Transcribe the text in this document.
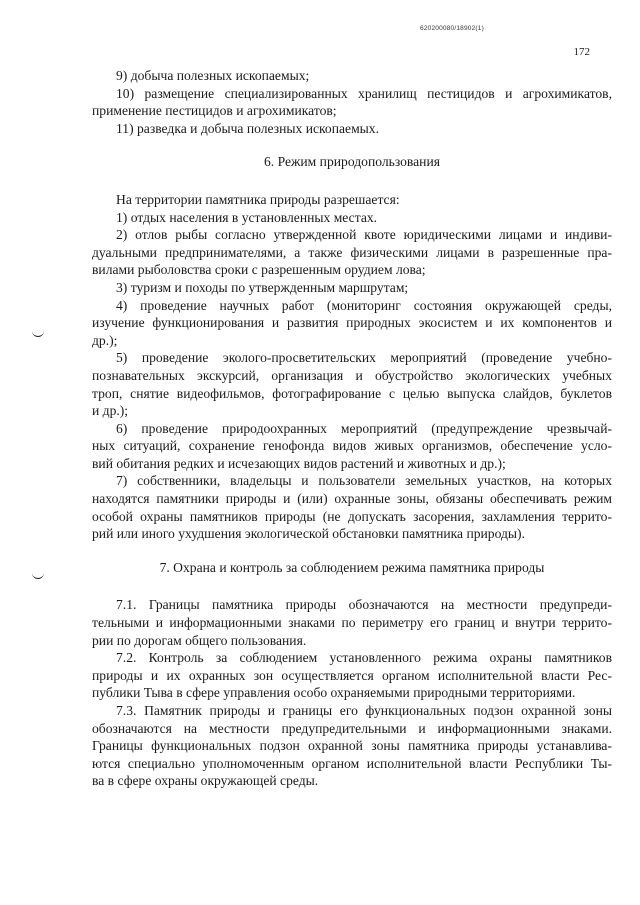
620200080/18902(1)
172
9) добыча полезных ископаемых;
10) размещение специализированных хранилищ пестицидов и агрохимикатов,
применение пестицидов и агрохимикатов;
11) разведка и добыча полезных ископаемых.
6. Режим природопользования
На территории памятника природы разрешается:
1) отдых населения в установленных местах.
2) отлов рыбы согласно утвержденной квоте юридическими лицами и индиви-
дуальными предпринимателями, а также физическими лицами в разрешенные пра-
вилами рыболовства сроки с разрешенным орудием лова;
3) туризм и походы по утвержденным маршрутам;
4) проведение научных работ (мониторинг состояния окружающей среды,
изучение функционирования и развития природных экосистем и их компонентов и
др.);
5) проведение эколого-просветительских мероприятий (проведение учебно-
познавательных экскурсий, организация и обустройство экологических учебных
троп, снятие видеофильмов, фотографирование с целью выпуска слайдов, буклетов
и др.);
6) проведение природоохранных мероприятий (предупреждение чрезвычай-
ных ситуаций, сохранение генофонда видов живых организмов, обеспечение усло-
вий обитания редких и исчезающих видов растений и животных и др.);
7) собственники, владельцы и пользователи земельных участков, на которых
находятся памятники природы и (или) охранные зоны, обязаны обеспечивать режим
особой охраны памятников природы (не допускать засорения, захламления террито-
рий или иного ухудшения экологической обстановки памятника природы).
7. Охрана и контроль за соблюдением режима памятника природы
7.1. Границы памятника природы обозначаются на местности предупреди-
тельными и информационными знаками по периметру его границ и внутри террито-
рии по дорогам общего пользования.
7.2. Контроль за соблюдением установленного режима охраны памятников
природы и их охранных зон осуществляется органом исполнительной власти Рес-
публики Тыва в сфере управления особо охраняемыми природными территориями.
7.3. Памятник природы и границы его функциональных подзон охранной зоны
обозначаются на местности предупредительными и информационными знаками.
Границы функциональных подзон охранной зоны памятника природы устанавлива-
ются специально уполномоченным органом исполнительной власти Республики Ты-
ва в сфере охраны окружающей среды.
